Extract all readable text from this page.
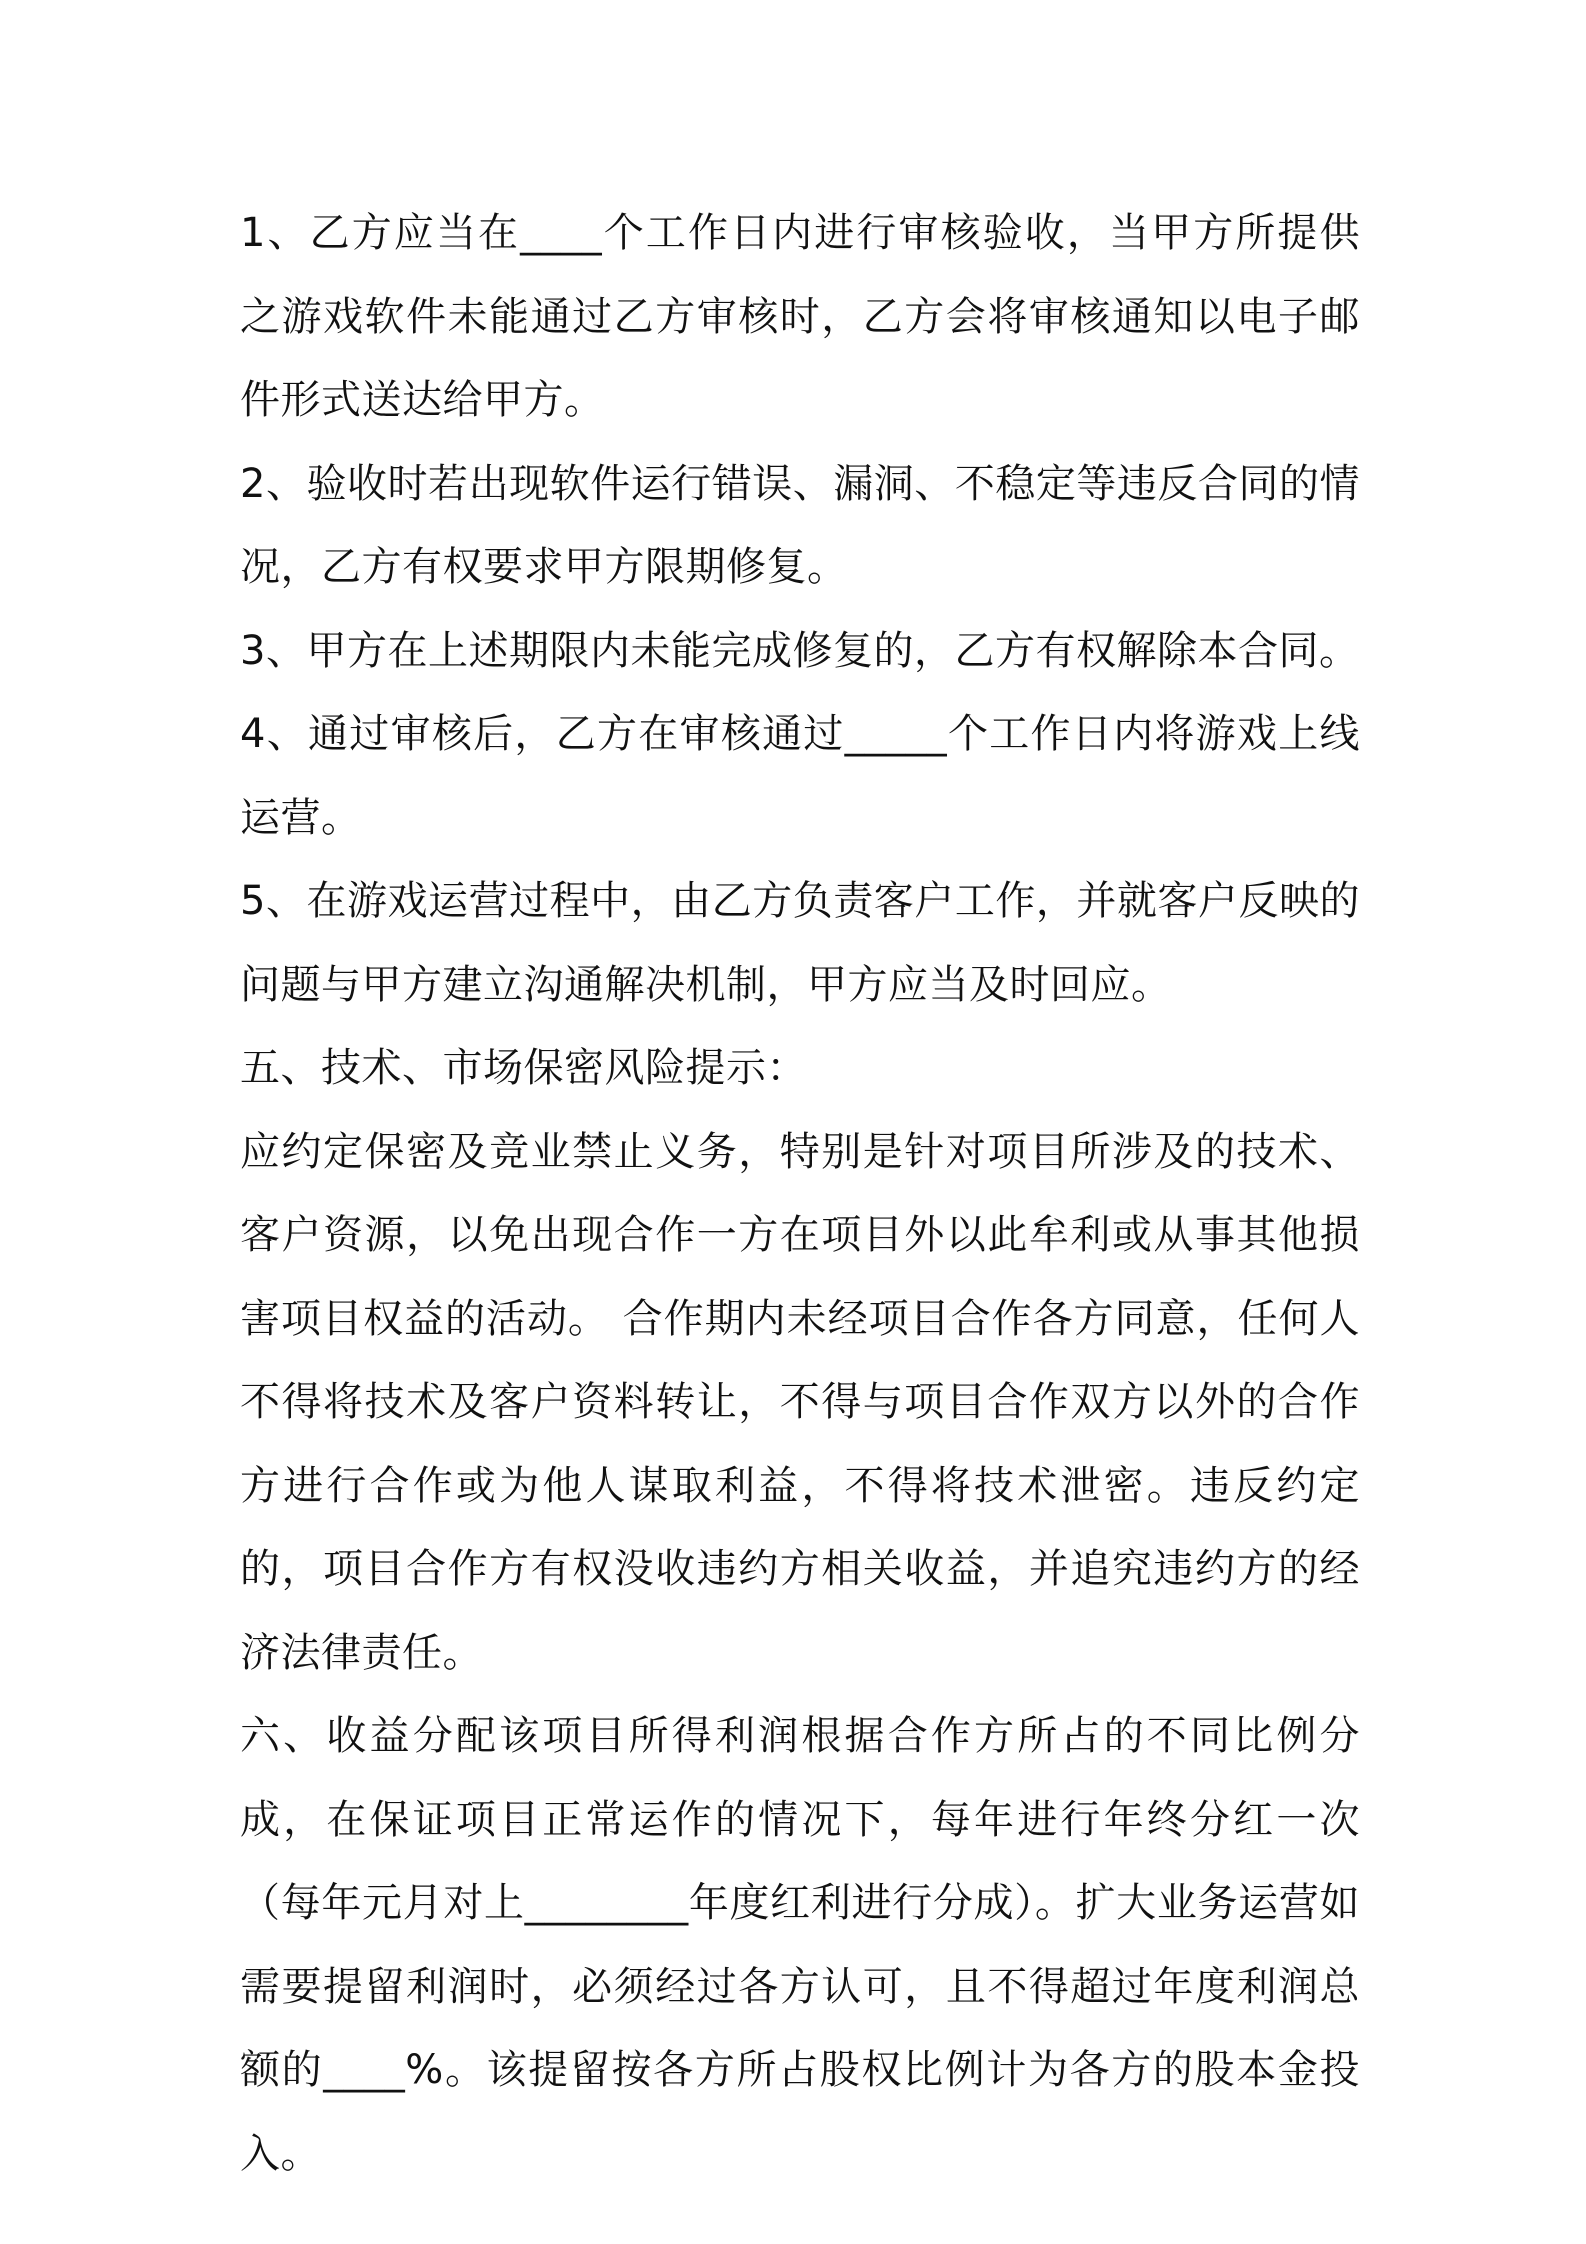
1、乙方应当在____个工作日内进行审核验收，当甲方所提供之游戏软件未能通过乙方审核时，乙方会将审核通知以电子邮件形式送达给甲方。

2、验收时若出现软件运行错误、漏洞、不稳定等违反合同的情况，乙方有权要求甲方限期修复。

3、甲方在上述期限内未能完成修复的，乙方有权解除本合同。

4、通过审核后，乙方在审核通过_____个工作日内将游戏上线运营。

5、在游戏运营过程中，由乙方负责客户工作，并就客户反映的问题与甲方建立沟通解决机制，甲方应当及时回应。

五、技术、市场保密风险提示：

应约定保密及竞业禁止义务，特别是针对项目所涉及的技术、客户资源，以免出现合作一方在项目外以此牟利或从事其他损害项目权益的活动。 合作期内未经项目合作各方同意，任何人不得将技术及客户资料转让，不得与项目合作双方以外的合作方进行合作或为他人谋取利益，不得将技术泄密。违反约定的，项目合作方有权没收违约方相关收益，并追究违约方的经济法律责任。

六、收益分配该项目所得利润根据合作方所占的不同比例分成，在保证项目正常运作的情况下，每年进行年终分红一次（每年元月对上________年度红利进行分成）。扩大业务运营如需要提留利润时，必须经过各方认可，且不得超过年度利润总额的____%。该提留按各方所占股权比例计为各方的股本金投入。
